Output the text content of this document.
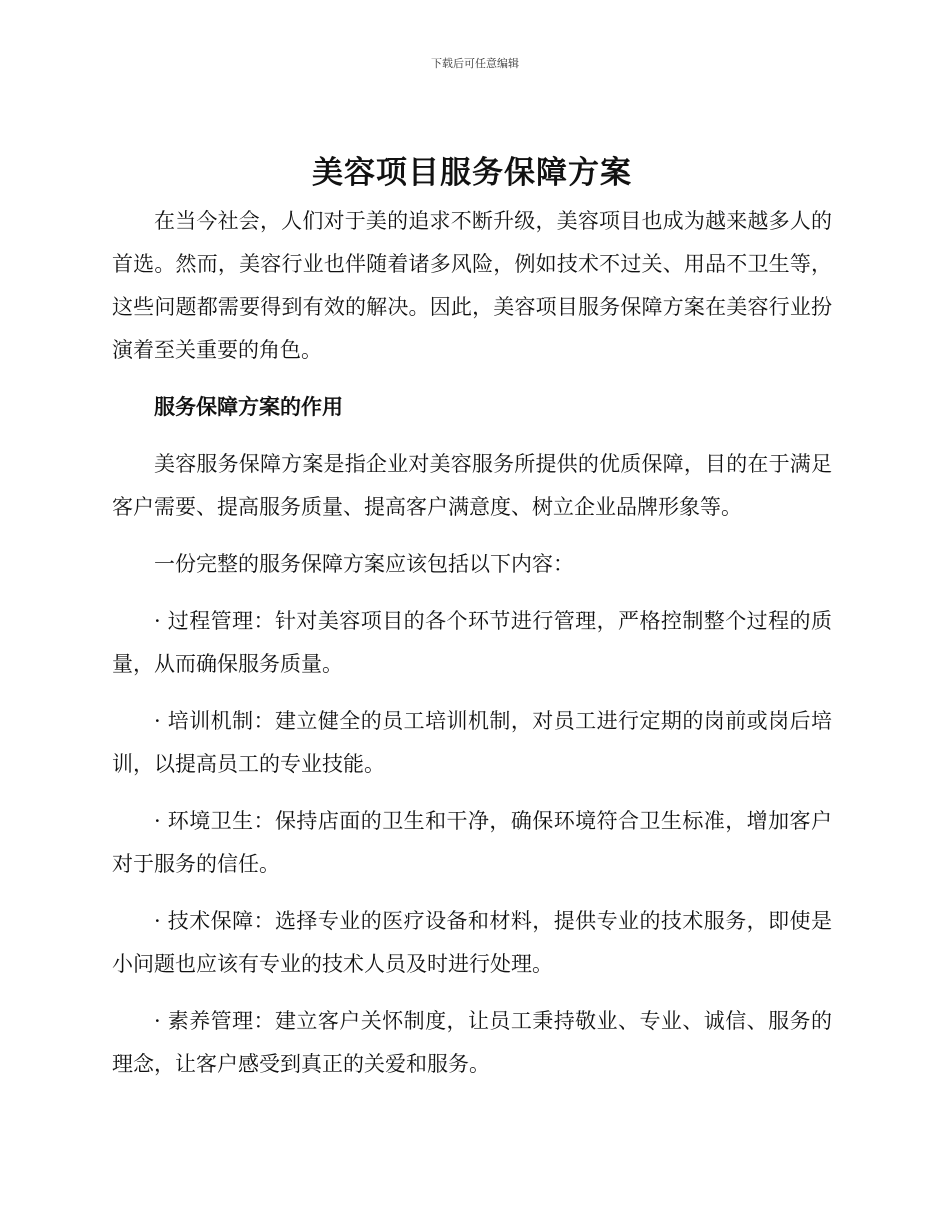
下载后可任意编辑
美容项目服务保障方案

在当今社会，人们对于美的追求不断升级，美容项目也成为越来越多人的首选。然而，美容行业也伴随着诸多风险，例如技术不过关、用品不卫生等，这些问题都需要得到有效的解决。因此，美容项目服务保障方案在美容行业扮演着至关重要的角色。

服务保障方案的作用

美容服务保障方案是指企业对美容服务所提供的优质保障，目的在于满足客户需要、提高服务质量、提高客户满意度、树立企业品牌形象等。

一份完整的服务保障方案应该包括以下内容：

· 过程管理：针对美容项目的各个环节进行管理，严格控制整个过程的质量，从而确保服务质量。

· 培训机制：建立健全的员工培训机制，对员工进行定期的岗前或岗后培训，以提高员工的专业技能。

· 环境卫生：保持店面的卫生和干净，确保环境符合卫生标准，增加客户对于服务的信任。

· 技术保障：选择专业的医疗设备和材料，提供专业的技术服务，即使是小问题也应该有专业的技术人员及时进行处理。

· 素养管理：建立客户关怀制度，让员工秉持敬业、专业、诚信、服务的理念，让客户感受到真正的关爱和服务。
